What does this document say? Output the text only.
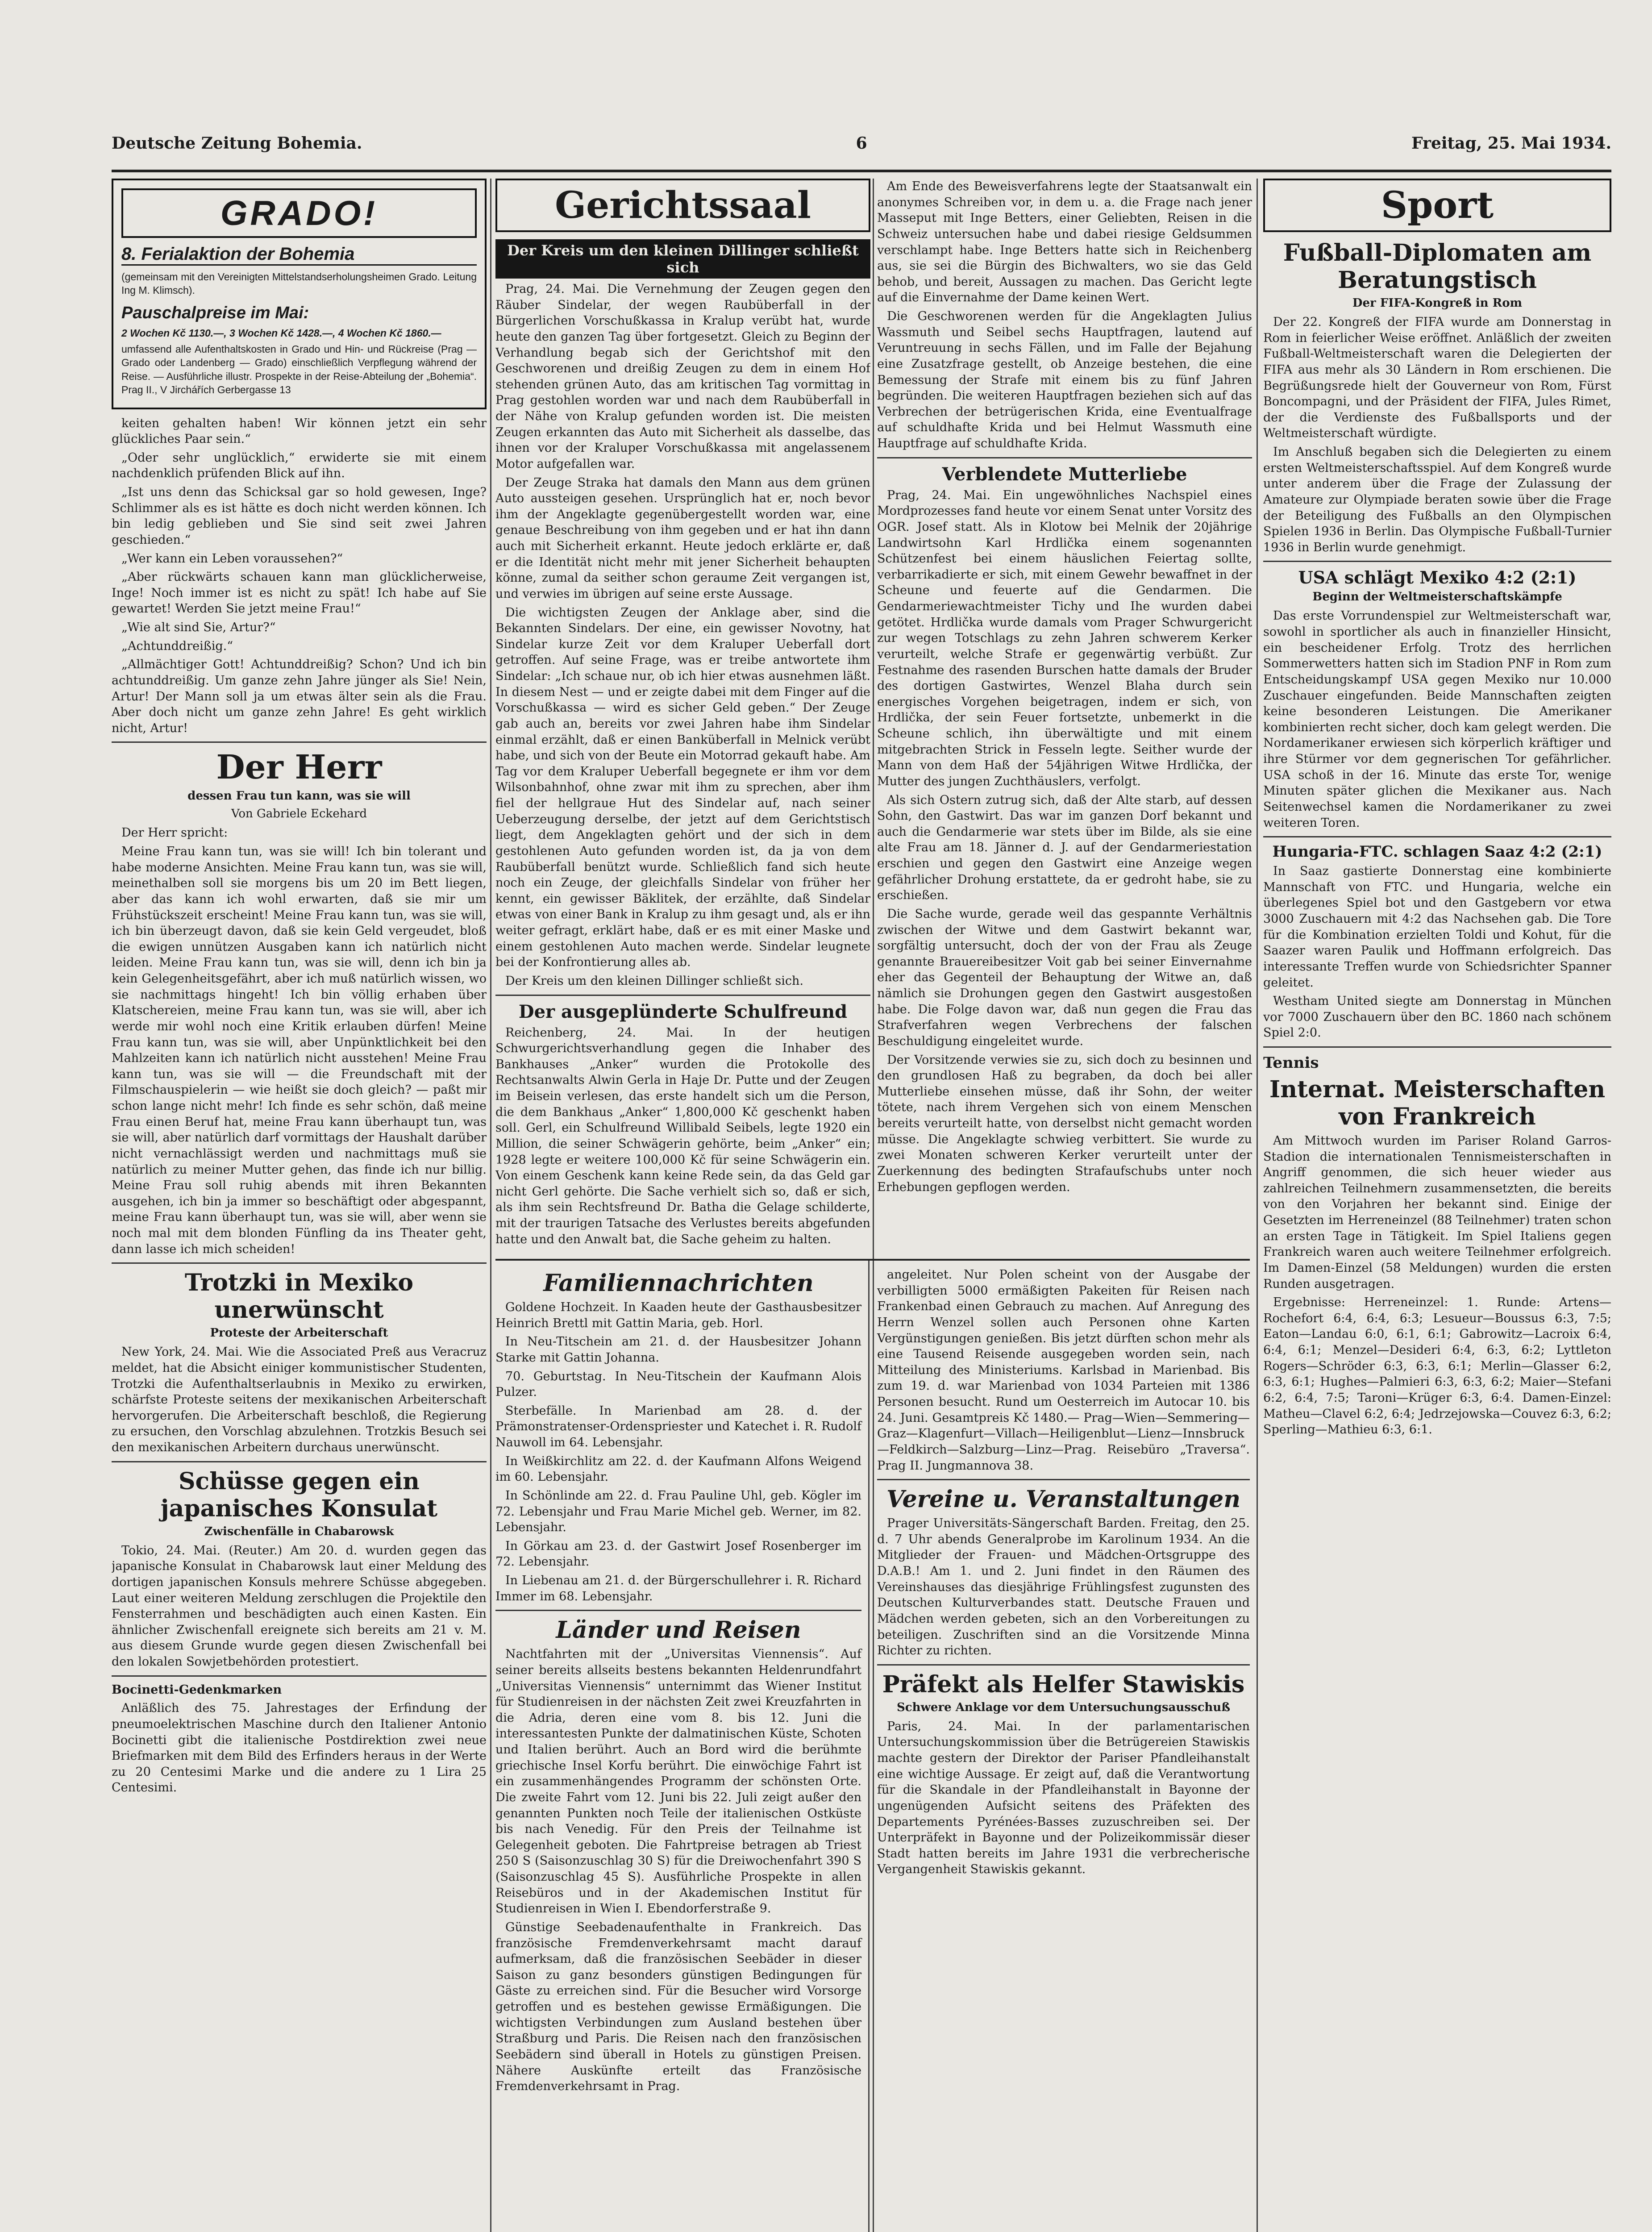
Deutsche Zeitung Bohemia.	6	Freitag, 25. Mai 1934.
GRADO!
8. Ferialaktion der Bohemia

(gemeinsam mit den Vereinigten Mittelstandserholungsheimen Grado. Leitung Ing M. Klimsch).

Pauschalpreise im Mai:

2 Wochen Kč 1130.—, 3 Wochen Kč 1428.—, 4 Wochen Kč 1860.—

umfassend alle Aufenthaltskosten in Grado und Hin- und Rückreise (Prag — Grado oder Landenberg — Grado) einschließlich Verpflegung während der Reise. — Ausführliche illustr. Prospekte in der Reise-Abteilung der „Bohemia“. Prag II., V Jirchářích Gerbergasse 13

keiten gehalten haben! Wir können jetzt ein sehr glückliches Paar sein.“

„Oder sehr unglücklich,“ erwiderte sie mit einem nachdenklich prüfenden Blick auf ihn.

„Ist uns denn das Schicksal gar so hold gewesen, Inge? Schlimmer als es ist hätte es doch nicht werden können. Ich bin ledig geblieben und Sie sind seit zwei Jahren geschieden.“

„Wer kann ein Leben voraussehen?“

„Aber rückwärts schauen kann man glücklicherweise, Inge! Noch immer ist es nicht zu spät! Ich habe auf Sie gewartet! Werden Sie jetzt meine Frau!“

„Wie alt sind Sie, Artur?“

„Achtunddreißig.“

„Allmächtiger Gott! Achtunddreißig? Schon? Und ich bin achtunddreißig. Um ganze zehn Jahre jünger als Sie! Nein, Artur! Der Mann soll ja um etwas älter sein als die Frau. Aber doch nicht um ganze zehn Jahre! Es geht wirklich nicht, Artur!

Der Herr
dessen Frau tun kann, was sie will
Von Gabriele Eckehard

Der Herr spricht:

Meine Frau kann tun, was sie will! Ich bin tolerant und habe moderne Ansichten. Meine Frau kann tun, was sie will, meinethalben soll sie morgens bis um 20 im Bett liegen, aber das kann ich wohl erwarten, daß sie mir um Frühstückszeit erscheint! Meine Frau kann tun, was sie will, ich bin überzeugt davon, daß sie kein Geld vergeudet, bloß die ewigen unnützen Ausgaben kann ich natürlich nicht leiden. Meine Frau kann tun, was sie will, denn ich bin ja kein Gelegenheitsgefährt, aber ich muß natürlich wissen, wo sie nachmittags hingeht! Ich bin völlig erhaben über Klatschereien, meine Frau kann tun, was sie will, aber ich werde mir wohl noch eine Kritik erlauben dürfen! Meine Frau kann tun, was sie will, aber Unpünktlichkeit bei den Mahlzeiten kann ich natürlich nicht ausstehen! Meine Frau kann tun, was sie will — die Freundschaft mit der Filmschauspielerin — wie heißt sie doch gleich? — paßt mir schon lange nicht mehr! Ich finde es sehr schön, daß meine Frau einen Beruf hat, meine Frau kann überhaupt tun, was sie will, aber natürlich darf vormittags der Haushalt darüber nicht vernachlässigt werden und nachmittags muß sie natürlich zu meiner Mutter gehen, das finde ich nur billig. Meine Frau soll ruhig abends mit ihren Bekannten ausgehen, ich bin ja immer so beschäftigt oder abgespannt, meine Frau kann überhaupt tun, was sie will, aber wenn sie noch mal mit dem blonden Fünfling da ins Theater geht, dann lasse ich mich scheiden!

Trotzki in Mexiko unerwünscht
Proteste der Arbeiterschaft

New York, 24. Mai. Wie die Associated Preß aus Veracruz meldet, hat die Absicht einiger kommunistischer Studenten, Trotzki die Aufenthaltserlaubnis in Mexiko zu erwirken, schärfste Proteste seitens der mexikanischen Arbeiterschaft hervorgerufen. Die Arbeiterschaft beschloß, die Regierung zu ersuchen, den Vorschlag abzulehnen. Trotzkis Besuch sei den mexikanischen Arbeitern durchaus unerwünscht.

Schüsse gegen ein japanisches Konsulat
Zwischenfälle in Chabarowsk

Tokio, 24. Mai. (Reuter.) Am 20. d. wurden gegen das japanische Konsulat in Chabarowsk laut einer Meldung des dortigen japanischen Konsuls mehrere Schüsse abgegeben. Laut einer weiteren Meldung zerschlugen die Projektile den Fensterrahmen und beschädigten auch einen Kasten. Ein ähnlicher Zwischenfall ereignete sich bereits am 21 v. M. aus diesem Grunde wurde gegen diesen Zwischenfall bei den lokalen Sowjetbehörden protestiert.

Bocinetti-Gedenkmarken

Anläßlich des 75. Jahrestages der Erfindung der pneumoelektrischen Maschine durch den Italiener Antonio Bocinetti gibt die italienische Postdirektion zwei neue Briefmarken mit dem Bild des Erfinders heraus in der Werte zu 20 Centesimi Marke und die andere zu 1 Lira 25 Centesimi.

Gerichtssaal
Der Kreis um den kleinen Dillinger schließt sich

Prag, 24. Mai. Die Vernehmung der Zeugen gegen den Räuber Sindelar, der wegen Raubüberfall in der Bürgerlichen Vorschußkassa in Kralup verübt hat, wurde heute den ganzen Tag über fortgesetzt. Gleich zu Beginn der Verhandlung begab sich der Gerichtshof mit den Geschworenen und dreißig Zeugen zu dem in einem Hof stehenden grünen Auto, das am kritischen Tag vormittag in Prag gestohlen worden war und nach dem Raubüberfall in der Nähe von Kralup gefunden worden ist. Die meisten Zeugen erkannten das Auto mit Sicherheit als dasselbe, das ihnen vor der Kraluper Vorschußkassa mit angelassenem Motor aufgefallen war.

Der Zeuge Straka hat damals den Mann aus dem grünen Auto aussteigen gesehen. Ursprünglich hat er, noch bevor ihm der Angeklagte gegenübergestellt worden war, eine genaue Beschreibung von ihm gegeben und er hat ihn dann auch mit Sicherheit erkannt. Heute jedoch erklärte er, daß er die Identität nicht mehr mit jener Sicherheit behaupten könne, zumal da seither schon geraume Zeit vergangen ist, und verwies im übrigen auf seine erste Aussage.

Die wichtigsten Zeugen der Anklage aber, sind die Bekannten Sindelars. Der eine, ein gewisser Novotny, hat Sindelar kurze Zeit vor dem Kraluper Ueberfall dort getroffen. Auf seine Frage, was er treibe antwortete ihm Sindelar: „Ich schaue nur, ob ich hier etwas ausnehmen läßt. In diesem Nest — und er zeigte dabei mit dem Finger auf die Vorschußkassa — wird es sicher Geld geben.“ Der Zeuge gab auch an, bereits vor zwei Jahren habe ihm Sindelar einmal erzählt, daß er einen Banküberfall in Melnick verübt habe, und sich von der Beute ein Motorrad gekauft habe. Am Tag vor dem Kraluper Ueberfall begegnete er ihm vor dem Wilsonbahnhof, ohne zwar mit ihm zu sprechen, aber ihm fiel der hellgraue Hut des Sindelar auf, nach seiner Ueberzeugung derselbe, der jetzt auf dem Gerichtstisch liegt, dem Angeklagten gehört und der sich in dem gestohlenen Auto gefunden worden ist, da ja von dem Raubüberfall benützt wurde. Schließlich fand sich heute noch ein Zeuge, der gleichfalls Sindelar von früher her kennt, ein gewisser Bäklitek, der erzählte, daß Sindelar etwas von einer Bank in Kralup zu ihm gesagt und, als er ihn weiter gefragt, erklärt habe, daß er es mit einer Maske und einem gestohlenen Auto machen werde. Sindelar leugnete bei der Konfrontierung alles ab.

Der Kreis um den kleinen Dillinger schließt sich.

Der ausgeplünderte Schulfreund

Reichenberg, 24. Mai. In der heutigen Schwurgerichtsverhandlung gegen die Inhaber des Bankhauses „Anker“ wurden die Protokolle des Rechtsanwalts Alwin Gerla in Haje Dr. Putte und der Zeugen im Beisein verlesen, das erste handelt sich um die Person, die dem Bankhaus „Anker“ 1,800,000 Kč geschenkt haben soll. Gerl, ein Schulfreund Willibald Seibels, legte 1920 ein Million, die seiner Schwägerin gehörte, beim „Anker“ ein; 1928 legte er weitere 100,000 Kč für seine Schwägerin ein. Von einem Geschenk kann keine Rede sein, da das Geld gar nicht Gerl gehörte. Die Sache verhielt sich so, daß er sich, als ihm sein Rechtsfreund Dr. Batha die Gelage schilderte, mit der traurigen Tatsache des Verlustes bereits abgefunden hatte und den Anwalt bat, die Sache geheim zu halten.

Am Ende des Beweisverfahrens legte der Staatsanwalt ein anonymes Schreiben vor, in dem u. a. die Frage nach jener Masseput mit Inge Betters, einer Geliebten, Reisen in die Schweiz untersuchen habe und dabei riesige Geldsummen verschlampt habe. Inge Betters hatte sich in Reichenberg aus, sie sei die Bürgin des Bichwalters, wo sie das Geld behob, und bereit, Aussagen zu machen. Das Gericht legte auf die Einvernahme der Dame keinen Wert.

Die Geschworenen werden für die Angeklagten Julius Wassmuth und Seibel sechs Hauptfragen, lautend auf Veruntreuung in sechs Fällen, und im Falle der Bejahung eine Zusatzfrage gestellt, ob Anzeige bestehen, die eine Bemessung der Strafe mit einem bis zu fünf Jahren begründen. Die weiteren Hauptfragen beziehen sich auf das Verbrechen der betrügerischen Krida, eine Eventualfrage auf schuldhafte Krida und bei Helmut Wassmuth eine Hauptfrage auf schuldhafte Krida.

Verblendete Mutterliebe

Prag, 24. Mai. Ein ungewöhnliches Nachspiel eines Mordprozesses fand heute vor einem Senat unter Vorsitz des OGR. Josef statt. Als in Klotow bei Melnik der 20jährige Landwirtsohn Karl Hrdlička einem sogenannten Schützenfest bei einem häuslichen Feiertag sollte, verbarrikadierte er sich, mit einem Gewehr bewaffnet in der Scheune und feuerte auf die Gendarmen. Die Gendarmeriewachtmeister Tichy und Ihe wurden dabei getötet. Hrdlička wurde damals vom Prager Schwurgericht zur wegen Totschlags zu zehn Jahren schwerem Kerker verurteilt, welche Strafe er gegenwärtig verbüßt. Zur Festnahme des rasenden Burschen hatte damals der Bruder des dortigen Gastwirtes, Wenzel Blaha durch sein energisches Vorgehen beigetragen, indem er sich, von Hrdlička, der sein Feuer fortsetzte, unbemerkt in die Scheune schlich, ihn überwältigte und mit einem mitgebrachten Strick in Fesseln legte. Seither wurde der Mann von dem Haß der 54jährigen Witwe Hrdlička, der Mutter des jungen Zuchthäuslers, verfolgt.

Als sich Ostern zutrug sich, daß der Alte starb, auf dessen Sohn, den Gastwirt. Das war im ganzen Dorf bekannt und auch die Gendarmerie war stets über im Bilde, als sie eine alte Frau am 18. Jänner d. J. auf der Gendarmeriestation erschien und gegen den Gastwirt eine Anzeige wegen gefährlicher Drohung erstattete, da er gedroht habe, sie zu erschießen.

Die Sache wurde, gerade weil das gespannte Verhältnis zwischen der Witwe und dem Gastwirt bekannt war, sorgfältig untersucht, doch der von der Frau als Zeuge genannte Brauereibesitzer Voit gab bei seiner Einvernahme eher das Gegenteil der Behauptung der Witwe an, daß nämlich sie Drohungen gegen den Gastwirt ausgestoßen habe. Die Folge davon war, daß nun gegen die Frau das Strafverfahren wegen Verbrechens der falschen Beschuldigung eingeleitet wurde.

Der Vorsitzende verwies sie zu, sich doch zu besinnen und den grundlosen Haß zu begraben, da doch bei aller Mutterliebe einsehen müsse, daß ihr Sohn, der weiter tötete, nach ihrem Vergehen sich von einem Menschen bereits verurteilt hatte, von derselbst nicht gemacht worden müsse. Die Angeklagte schwieg verbittert. Sie wurde zu zwei Monaten schweren Kerker verurteilt unter der Zuerkennung des bedingten Strafaufschubs unter noch Erhebungen gepflogen werden.

Familiennachrichten

Goldene Hochzeit. In Kaaden heute der Gasthausbesitzer Heinrich Brettl mit Gattin Maria, geb. Horl.

In Neu-Titschein am 21. d. der Hausbesitzer Johann Starke mit Gattin Johanna.

70. Geburtstag. In Neu-Titschein der Kaufmann Alois Pulzer.

Sterbefälle. In Marienbad am 28. d. der Prämonstratenser-Ordenspriester und Katechet i. R. Rudolf Nauwoll im 64. Lebensjahr.

In Weißkirchlitz am 22. d. der Kaufmann Alfons Weigend im 60. Lebensjahr.

In Schönlinde am 22. d. Frau Pauline Uhl, geb. Kögler im 72. Lebensjahr und Frau Marie Michel geb. Werner, im 82. Lebensjahr.

In Görkau am 23. d. der Gastwirt Josef Rosenberger im 72. Lebensjahr.

In Liebenau am 21. d. der Bürgerschullehrer i. R. Richard Immer im 68. Lebensjahr.

Länder und Reisen

Nachtfahrten mit der „Universitas Viennensis“. Auf seiner bereits allseits bestens bekannten Heldenrundfahrt „Universitas Viennensis“ unternimmt das Wiener Institut für Studienreisen in der nächsten Zeit zwei Kreuzfahrten in die Adria, deren eine vom 8. bis 12. Juni die interessantesten Punkte der dalmatinischen Küste, Schoten und Italien berührt. Auch an Bord wird die berühmte griechische Insel Korfu berührt. Die einwöchige Fahrt ist ein zusammenhängendes Programm der schönsten Orte. Die zweite Fahrt vom 12. Juni bis 22. Juli zeigt außer den genannten Punkten noch Teile der italienischen Ostküste bis nach Venedig. Für den Preis der Teilnahme ist Gelegenheit geboten. Die Fahrtpreise betragen ab Triest 250 S (Saisonzuschlag 30 S) für die Dreiwochenfahrt 390 S (Saisonzuschlag 45 S). Ausführliche Prospekte in allen Reisebüros und in der Akademischen Institut für Studienreisen in Wien I. Ebendorferstraße 9.

Günstige Seebadenaufenthalte in Frankreich. Das französische Fremdenverkehrsamt macht darauf aufmerksam, daß die französischen Seebäder in dieser Saison zu ganz besonders günstigen Bedingungen für Gäste zu erreichen sind. Für die Besucher wird Vorsorge getroffen und es bestehen gewisse Ermäßigungen. Die wichtigsten Verbindungen zum Ausland bestehen über Straßburg und Paris. Die Reisen nach den französischen Seebädern sind überall in Hotels zu günstigen Preisen. Nähere Auskünfte erteilt das Französische Fremdenverkehrsamt in Prag.

angeleitet. Nur Polen scheint von der Ausgabe der verbilligten 5000 ermäßigten Pakeiten für Reisen nach Frankenbad einen Gebrauch zu machen. Auf Anregung des Herrn Wenzel sollen auch Personen ohne Karten Vergünstigungen genießen. Bis jetzt dürften schon mehr als eine Tausend Reisende ausgegeben worden sein, nach Mitteilung des Ministeriums. Karlsbad in Marienbad. Bis zum 19. d. war Marienbad von 1034 Parteien mit 1386 Personen besucht. Rund um Oesterreich im Autocar 10. bis 24. Juni. Gesamtpreis Kč 1480.— Prag—Wien—Semmering—Graz—Klagenfurt—Villach—Heiligenblut—Lienz—Innsbruck—Feldkirch—Salzburg—Linz—Prag. Reisebüro „Traversa“. Prag II. Jungmannova 38.

Vereine u. Veranstaltungen

Prager Universitäts-Sängerschaft Barden. Freitag, den 25. d. 7 Uhr abends Generalprobe im Karolinum 1934. An die Mitglieder der Frauen- und Mädchen-Ortsgruppe des D.A.B.! Am 1. und 2. Juni findet in den Räumen des Vereinshauses das diesjährige Frühlingsfest zugunsten des Deutschen Kulturverbandes statt. Deutsche Frauen und Mädchen werden gebeten, sich an den Vorbereitungen zu beteiligen. Zuschriften sind an die Vorsitzende Minna Richter zu richten.

Präfekt als Helfer Stawiskis
Schwere Anklage vor dem Untersuchungsausschuß

Paris, 24. Mai. In der parlamentarischen Untersuchungskommission über die Betrügereien Stawiskis machte gestern der Direktor der Pariser Pfandleihanstalt eine wichtige Aussage. Er zeigt auf, daß die Verantwortung für die Skandale in der Pfandleihanstalt in Bayonne der ungenügenden Aufsicht seitens des Präfekten des Departements Pyrénées-Basses zuzuschreiben sei. Der Unterpräfekt in Bayonne und der Polizeikommissär dieser Stadt hatten bereits im Jahre 1931 die verbrecherische Vergangenheit Stawiskis gekannt.

Sport
Fußball-Diplomaten am Beratungstisch
Der FIFA-Kongreß in Rom

Der 22. Kongreß der FIFA wurde am Donnerstag in Rom in feierlicher Weise eröffnet. Anläßlich der zweiten Fußball-Weltmeisterschaft waren die Delegierten der FIFA aus mehr als 30 Ländern in Rom erschienen. Die Begrüßungsrede hielt der Gouverneur von Rom, Fürst Boncompagni, und der Präsident der FIFA, Jules Rimet, der die Verdienste des Fußballsports und der Weltmeisterschaft würdigte.

Im Anschluß begaben sich die Delegierten zu einem ersten Weltmeisterschaftsspiel. Auf dem Kongreß wurde unter anderem über die Frage der Zulassung der Amateure zur Olympiade beraten sowie über die Frage der Beteiligung des Fußballs an den Olympischen Spielen 1936 in Berlin. Das Olympische Fußball-Turnier 1936 in Berlin wurde genehmigt.

USA schlägt Mexiko 4:2 (2:1)
Beginn der Weltmeisterschaftskämpfe

Das erste Vorrundenspiel zur Weltmeisterschaft war, sowohl in sportlicher als auch in finanzieller Hinsicht, ein bescheidener Erfolg. Trotz des herrlichen Sommerwetters hatten sich im Stadion PNF in Rom zum Entscheidungskampf USA gegen Mexiko nur 10.000 Zuschauer eingefunden. Beide Mannschaften zeigten keine besonderen Leistungen. Die Amerikaner kombinierten recht sicher, doch kam gelegt werden. Die Nordamerikaner erwiesen sich körperlich kräftiger und ihre Stürmer vor dem gegnerischen Tor gefährlicher. USA schoß in der 16. Minute das erste Tor, wenige Minuten später glichen die Mexikaner aus. Nach Seitenwechsel kamen die Nordamerikaner zu zwei weiteren Toren.

Hungaria-FTC. schlagen Saaz 4:2 (2:1)

In Saaz gastierte Donnerstag eine kombinierte Mannschaft von FTC. und Hungaria, welche ein überlegenes Spiel bot und den Gastgebern vor etwa 3000 Zuschauern mit 4:2 das Nachsehen gab. Die Tore für die Kombination erzielten Toldi und Kohut, für die Saazer waren Paulik und Hoffmann erfolgreich. Das interessante Treffen wurde von Schiedsrichter Spanner geleitet.

Westham United siegte am Donnerstag in München vor 7000 Zuschauern über den BC. 1860 nach schönem Spiel 2:0.

Tennis

Internat. Meisterschaften von Frankreich

Am Mittwoch wurden im Pariser Roland Garros-Stadion die internationalen Tennismeisterschaften in Angriff genommen, die sich heuer wieder aus zahlreichen Teilnehmern zusammensetzten, die bereits von den Vorjahren her bekannt sind. Einige der Gesetzten im Herreneinzel (88 Teilnehmer) traten schon an ersten Tage in Tätigkeit. Im Spiel Italiens gegen Frankreich waren auch weitere Teilnehmer erfolgreich. Im Damen-Einzel (58 Meldungen) wurden die ersten Runden ausgetragen.

Ergebnisse: Herreneinzel: 1. Runde: Artens—Rochefort 6:4, 6:4, 6:3; Lesueur—Boussus 6:3, 7:5; Eaton—Landau 6:0, 6:1, 6:1; Gabrowitz—Lacroix 6:4, 6:4, 6:1; Menzel—Desideri 6:4, 6:3, 6:2; Lyttleton Rogers—Schröder 6:3, 6:3, 6:1; Merlin—Glasser 6:2, 6:3, 6:1; Hughes—Palmieri 6:3, 6:3, 6:2; Maier—Stefani 6:2, 6:4, 7:5; Taroni—Krüger 6:3, 6:4. Damen-Einzel: Matheu—Clavel 6:2, 6:4; Jedrzejowska—Couvez 6:3, 6:2; Sperling—Mathieu 6:3, 6:1.
